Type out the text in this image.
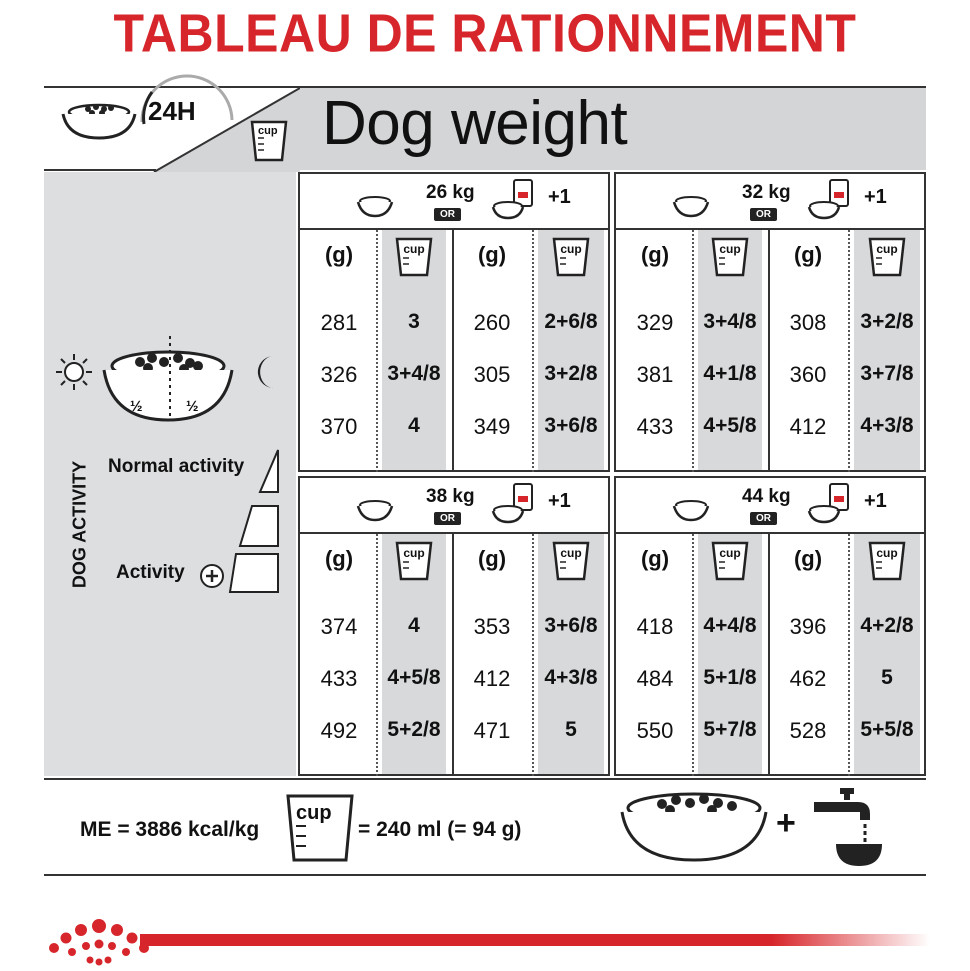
TABLEAU DE RATIONNEMENT
24H
cup Dog weight
½	½
DOG ACTIVITY Normal activity
Activity
ME = 3886 kcal/kg
cup
= 240 ml (= 94 g)	+
26 kg
OR
+1
(g)
281
326
370
cup
3
3+4/8
4
(g)
260
305
349
cup
2+6/8
3+2/8
3+6/8
32 kg
OR
+1
(g)
329
381
433
cup
3+4/8
4+1/8
4+5/8
(g)
308
360
412
cup
3+2/8
3+7/8
4+3/8
38 kg
OR
+1
(g)
374
433
492
cup
4
4+5/8
5+2/8
(g)
353
412
471
cup
3+6/8
4+3/8
5
44 kg
OR
+1
(g)
418
484
550
cup
4+4/8
5+1/8
5+7/8
(g)
396
462
528
cup
4+2/8
5
5+5/8
